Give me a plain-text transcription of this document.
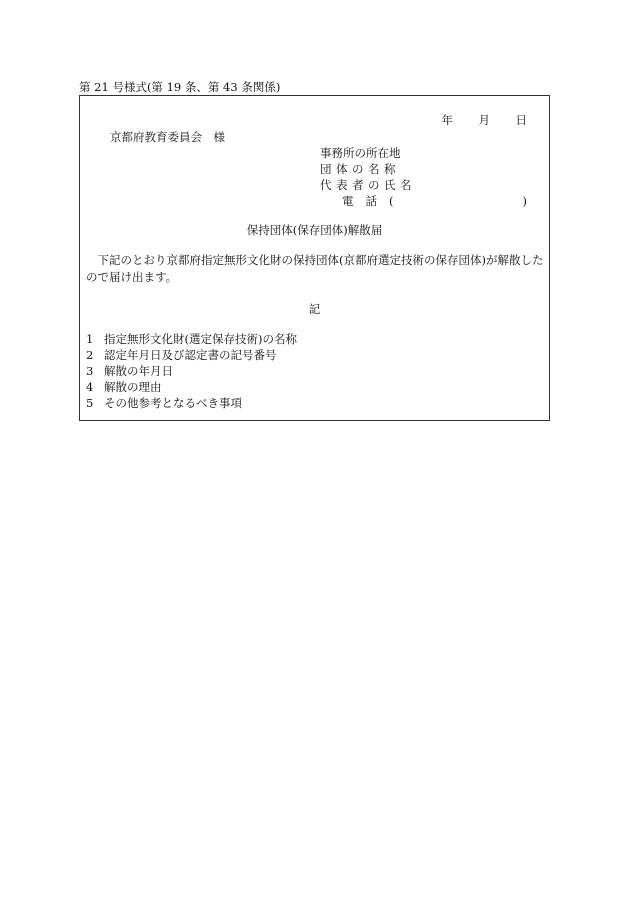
第 21 号様式(第 19 条、第 43 条関係)
年	月	日
京都府教育委員会　様
事務所の所在地
団体の名称
代表者の氏名
電話(	)
保持団体(保存団体)解散届
下記のとおり京都府指定無形文化財の保持団体(京都府選定技術の保存団体)が解散したので届け出ます。
記
1 指定無形文化財(選定保存技術)の名称
2 認定年月日及び認定書の記号番号
3 解散の年月日
4 解散の理由
5 その他参考となるべき事項
